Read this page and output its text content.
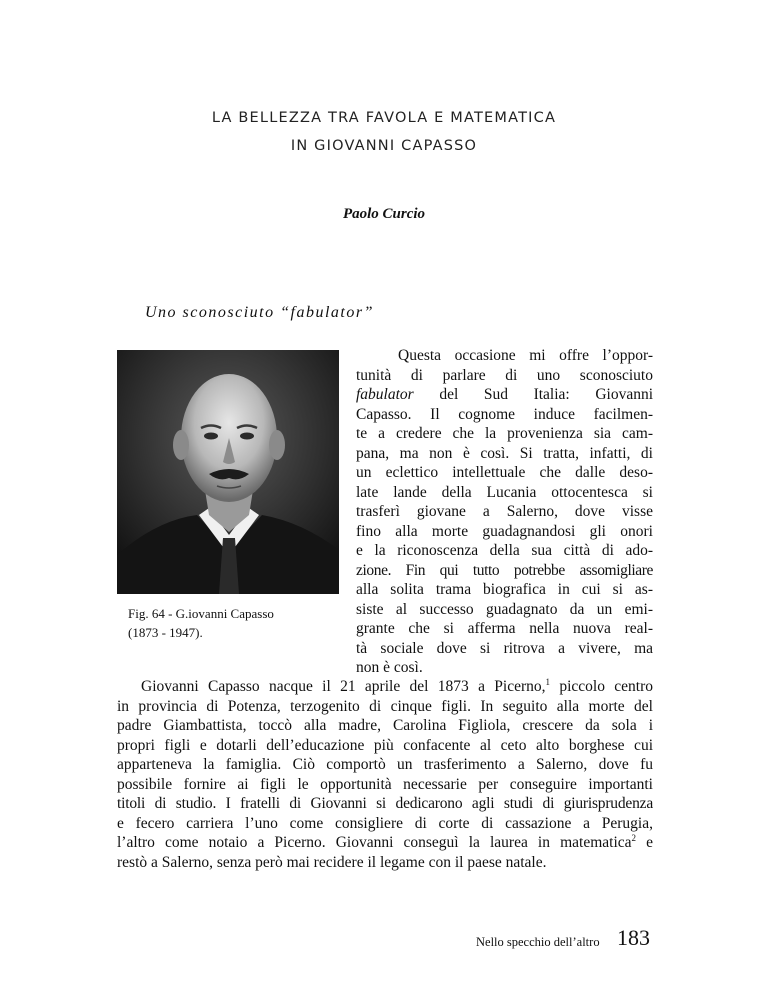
LA BELLEZZA TRA FAVOLA E MATEMATICA
IN GIOVANNI CAPASSO
Paolo Curcio
Uno sconosciuto “fabulator”
Fig. 64 - G.iovanni Capasso
(1873 - 1947).
Questa occasione mi offre l’oppor-
tunità di parlare di uno sconosciuto
fabulator del Sud Italia: Giovanni
Capasso. Il cognome induce facilmen-
te a credere che la provenienza sia cam-
pana, ma non è così. Si tratta, infatti, di
un eclettico intellettuale che dalle deso-
late lande della Lucania ottocentesca si
trasferì giovane a Salerno, dove visse
fino alla morte guadagnandosi gli onori
e la riconoscenza della sua città di ado-
zione. Fin qui tutto potrebbe assomigliare
alla solita trama biografica in cui si as-
siste al successo guadagnato da un emi-
grante che si afferma nella nuova real-
tà sociale dove si ritrova a vivere, ma
non è così.
Giovanni Capasso nacque il 21 aprile del 1873 a Picerno,$^1$ piccolo centro
in provincia di Potenza, terzogenito di cinque figli. In seguito alla morte del
padre Giambattista, toccò alla madre, Carolina Figliola, crescere da sola i
propri figli e dotarli dell’educazione più confacente al ceto alto borghese cui
apparteneva la famiglia. Ciò comportò un trasferimento a Salerno, dove fu
possibile fornire ai figli le opportunità necessarie per conseguire importanti
titoli di studio. I fratelli di Giovanni si dedicarono agli studi di giurisprudenza
e fecero carriera l’uno come consigliere di corte di cassazione a Perugia,
l’altro come notaio a Picerno. Giovanni conseguì la laurea in matematica$^2$ e
restò a Salerno, senza però mai recidere il legame con il paese natale.
Nello specchio dell’altro 183
